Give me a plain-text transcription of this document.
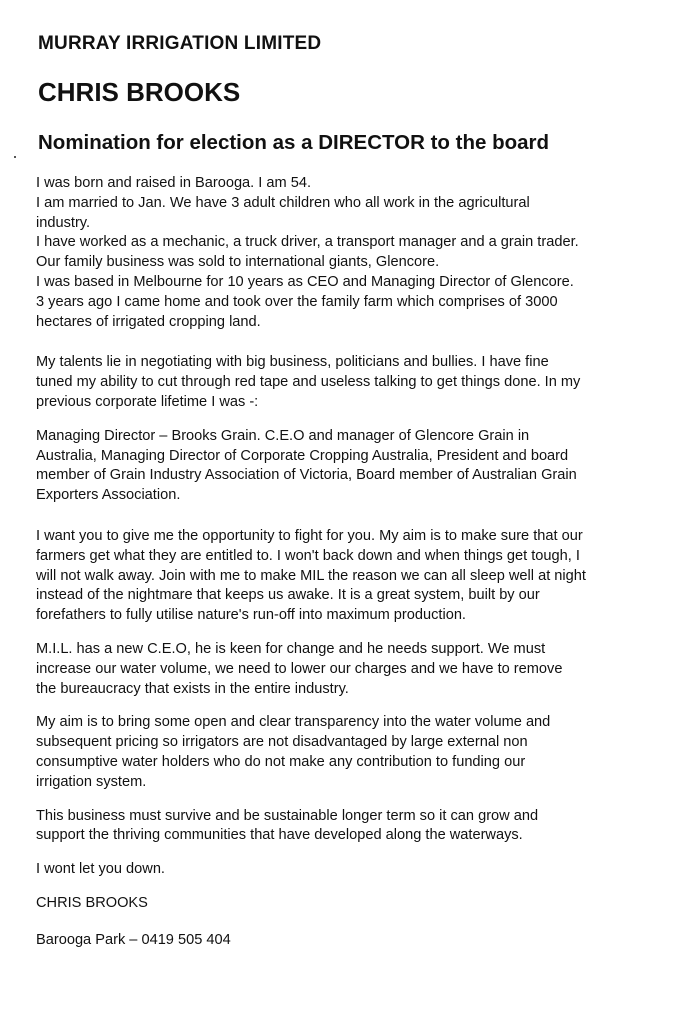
MURRAY IRRIGATION LIMITED
CHRIS BROOKS
Nomination for election as a DIRECTOR to the board

I was born and raised in Barooga. I am 54.
I am married to Jan. We have 3 adult children who all work in the agricultural
industry.
I have worked as a mechanic, a truck driver, a transport manager and a grain trader.
Our family business was sold to international giants, Glencore.
I was based in Melbourne for 10 years as CEO and Managing Director of Glencore.
3 years ago I came home and took over the family farm which comprises of 3000
hectares of irrigated cropping land.

My talents lie in negotiating with big business, politicians and bullies. I have fine
tuned my ability to cut through red tape and useless talking to get things done. In my
previous corporate lifetime I was -:

Managing Director – Brooks Grain. C.E.O and manager of Glencore Grain in
Australia, Managing Director of Corporate Cropping Australia, President and board
member of Grain Industry Association of Victoria, Board member of Australian Grain
Exporters Association.

I want you to give me the opportunity to fight for you. My aim is to make sure that our
farmers get what they are entitled to. I won't back down and when things get tough, I
will not walk away. Join with me to make MIL the reason we can all sleep well at night
instead of the nightmare that keeps us awake. It is a great system, built by our
forefathers to fully utilise nature's run-off into maximum production.

M.I.L. has a new C.E.O, he is keen for change and he needs support. We must
increase our water volume, we need to lower our charges and we have to remove
the bureaucracy that exists in the entire industry.

My aim is to bring some open and clear transparency into the water volume and
subsequent pricing so irrigators are not disadvantaged by large external non
consumptive water holders who do not make any contribution to funding our
irrigation system.

This business must survive and be sustainable longer term so it can grow and
support the thriving communities that have developed along the waterways.

I wont let you down.

CHRIS BROOKS

Barooga Park – 0419 505 404
